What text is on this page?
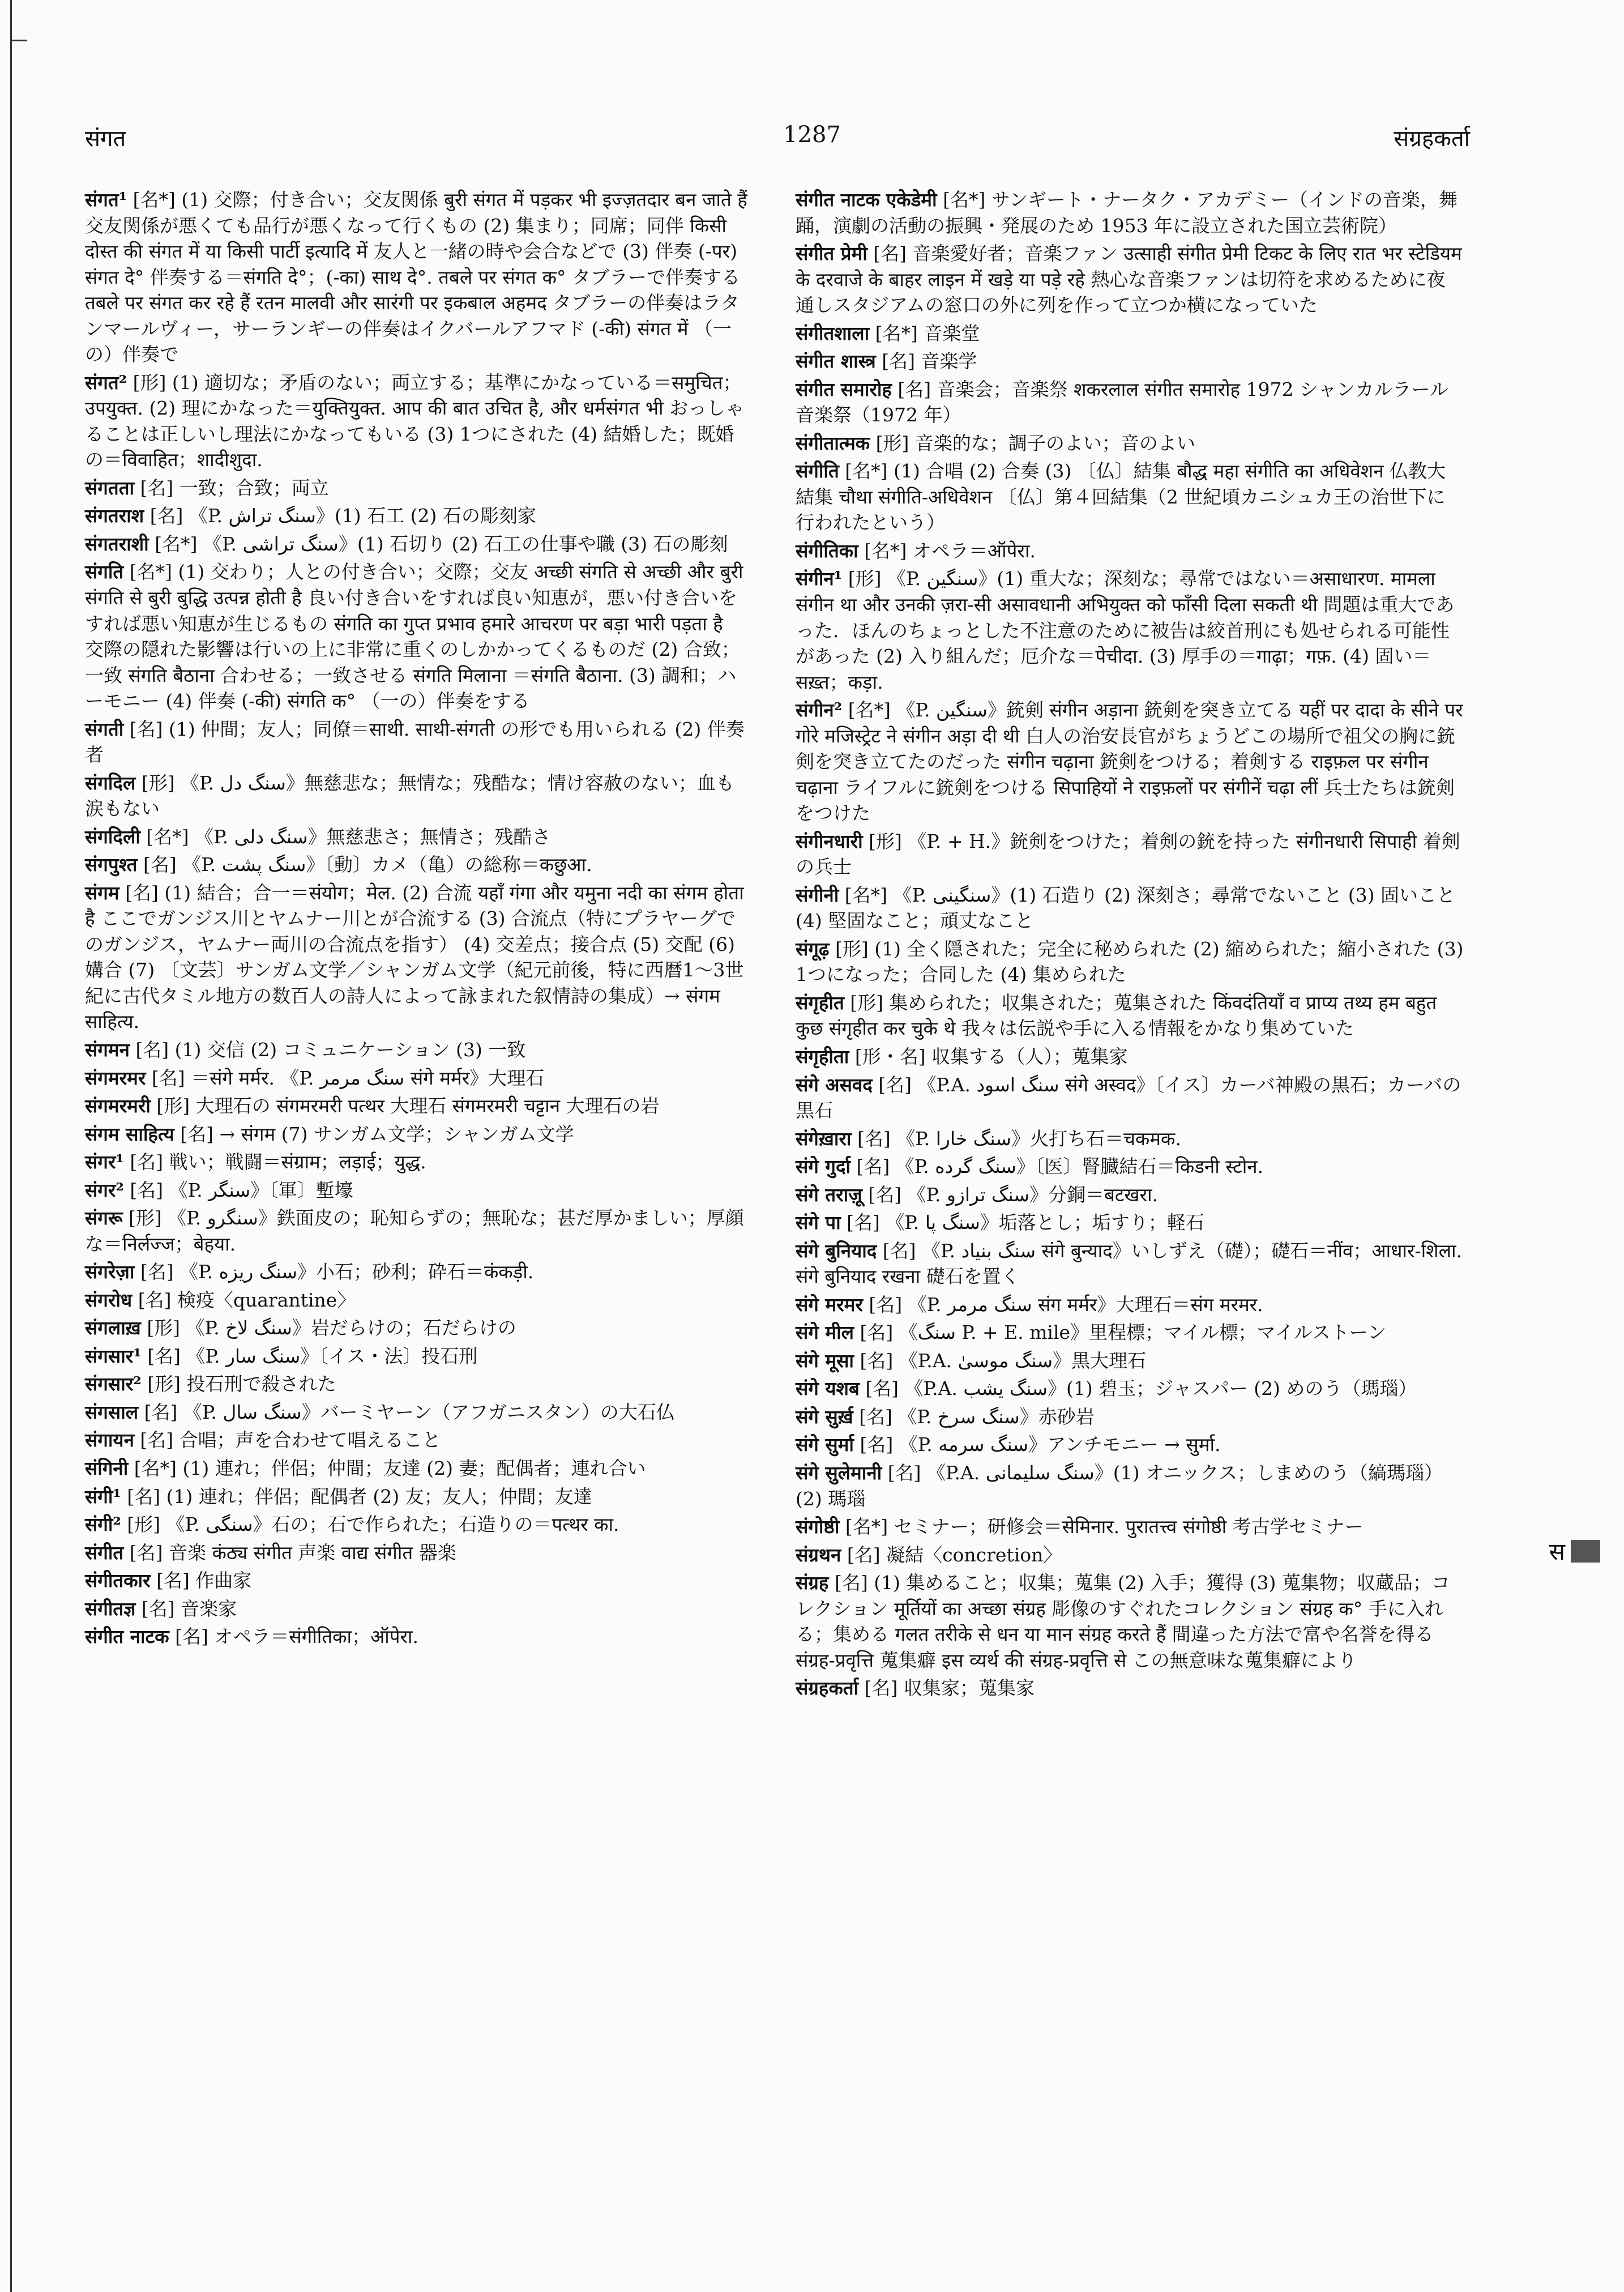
1287
संगत	संग्रहकर्ता
संगत¹ [名*] (1) 交際；付き合い；交友関係 बुरी संगत में पड़कर भी इज्ज़तदार बन जाते हैं 交友関係が悪くても品行が悪くなって行くもの (2) 集まり；同席；同伴 किसी दोस्त की संगत में या किसी पार्टी इत्यादि में 友人と一緒の時や会合などで (3) 伴奏 (-पर) संगत दे° 伴奏する＝संगति दे°；(-का) साथ दे°. तबले पर संगत क° タブラーで伴奏する तबले पर संगत कर रहे हैं रतन मालवी और सारंगी पर इकबाल अहमद タブラーの伴奏はラタンマールヴィー，サーランギーの伴奏はイクバールアフマド (-की) संगत में （一の）伴奏で
संगत² [形] (1) 適切な；矛盾のない；両立する；基準にかなっている＝समुचित；उपयुक्त. (2) 理にかなった＝युक्तियुक्त. आप की बात उचित है, और धर्मसंगत भी おっしゃることは正しいし理法にかなってもいる (3) 1つにされた (4) 結婚した；既婚の＝विवाहित；शादीशुदा.
संगतता [名] 一致；合致；両立
संगतराश [名] 《P. سنگ تراش》(1) 石工 (2) 石の彫刻家
संगतराशी [名*] 《P. سنگ تراشی》(1) 石切り (2) 石工の仕事や職 (3) 石の彫刻
संगति [名*] (1) 交わり；人との付き合い；交際；交友 अच्छी संगति से अच्छी और बुरी संगति से बुरी बुद्धि उत्पन्न होती है 良い付き合いをすれば良い知恵が，悪い付き合いをすれば悪い知恵が生じるもの संगति का गुप्त प्रभाव हमारे आचरण पर बड़ा भारी पड़ता है 交際の隠れた影響は行いの上に非常に重くのしかかってくるものだ (2) 合致；一致 संगति बैठाना 合わせる；一致させる संगति मिलाना ＝संगति बैठाना. (3) 調和；ハーモニー (4) 伴奏 (-की) संगति क° （一の）伴奏をする
संगती [名] (1) 仲間；友人；同僚＝साथी. साथी-संगती の形でも用いられる (2) 伴奏者
संगदिल [形] 《P. سنگ دل》無慈悲な；無情な；残酷な；情け容赦のない；血も涙もない
संगदिली [名*] 《P. سنگ دلی》無慈悲さ；無情さ；残酷さ
संगपुश्त [名] 《P. سنگ پشت》〔動〕カメ（亀）の総称＝कछुआ.
संगम [名] (1) 結合；合一＝संयोग；मेल. (2) 合流 यहाँ गंगा और यमुना नदी का संगम होता है ここでガンジス川とヤムナー川とが合流する (3) 合流点（特にプラヤーグでのガンジス，ヤムナー両川の合流点を指す） (4) 交差点；接合点 (5) 交配 (6) 媾合 (7) 〔文芸〕サンガム文学／シャンガム文学（紀元前後，特に西暦1～3世紀に古代タミル地方の数百人の詩人によって詠まれた叙情詩の集成）→ संगम साहित्य.
संगमन [名] (1) 交信 (2) コミュニケーション (3) 一致
संगमरमर [名] ＝संगे मर्मर. 《P. سنگ مرمر संगे मर्मर》大理石
संगमरमरी [形] 大理石の संगमरमरी पत्थर 大理石 संगमरमरी चट्टान 大理石の岩
संगम साहित्य [名] → संगम (7) サンガム文学；シャンガム文学
संगर¹ [名] 戦い；戦闘＝संग्राम；लड़ाई；युद्ध.
संगर² [名] 《P. سنگر》〔軍〕塹壕
संगरू [形] 《P. سنگرو》鉄面皮の；恥知らずの；無恥な；甚だ厚かましい；厚顔な＝निर्लज्ज；बेहया.
संगरेज़ा [名] 《P. سنگ ریزه》小石；砂利；砕石＝कंकड़ी.
संगरोध [名] 検疫〈quarantine〉
संगलाख़ [形] 《P. سنگ لاخ》岩だらけの；石だらけの
संगसार¹ [名] 《P. سنگ سار》〔イス・法〕投石刑
संगसार² [形] 投石刑で殺された
संगसाल [名] 《P. سنگ سال》バーミヤーン（アフガニスタン）の大石仏
संगायन [名] 合唱；声を合わせて唱えること
संगिनी [名*] (1) 連れ；伴侶；仲間；友達 (2) 妻；配偶者；連れ合い
संगी¹ [名] (1) 連れ；伴侶；配偶者 (2) 友；友人；仲間；友達
संगी² [形] 《P. سنگی》石の；石で作られた；石造りの＝पत्थर का.
संगीत [名] 音楽 कंठ्य संगीत 声楽 वाद्य संगीत 器楽
संगीतकार [名] 作曲家
संगीतज्ञ [名] 音楽家
संगीत नाटक [名] オペラ＝संगीतिका；ऑपेरा.
संगीत नाटक एकेडेमी [名*] サンギート・ナータク・アカデミー（インドの音楽，舞踊，演劇の活動の振興・発展のため 1953 年に設立された国立芸術院）
संगीत प्रेमी [名] 音楽愛好者；音楽ファン उत्साही संगीत प्रेमी टिकट के लिए रात भर स्टेडियम के दरवाजे के बाहर लाइन में खड़े या पड़े रहे 熱心な音楽ファンは切符を求めるために夜通しスタジアムの窓口の外に列を作って立つか横になっていた
संगीतशाला [名*] 音楽堂
संगीत शास्त्र [名] 音楽学
संगीत समारोह [名] 音楽会；音楽祭 शकरलाल संगीत समारोह 1972 シャンカルラール音楽祭（1972 年）
संगीतात्मक [形] 音楽的な；調子のよい；音のよい
संगीति [名*] (1) 合唱 (2) 合奏 (3) 〔仏〕結集 बौद्ध महा संगीति का अधिवेशन 仏教大結集 चौथा संगीति-अधिवेशन 〔仏〕第４回結集（2 世紀頃カニシュカ王の治世下に行われたという）
संगीतिका [名*] オペラ＝ऑपेरा.
संगीन¹ [形] 《P. سنگین》(1) 重大な；深刻な；尋常ではない＝असाधारण. मामला संगीन था और उनकी ज़रा-सी असावधानी अभियुक्त को फाँसी दिला सकती थी 問題は重大であった．ほんのちょっとした不注意のために被告は絞首刑にも処せられる可能性があった (2) 入り組んだ；厄介な＝पेचीदा. (3) 厚手の＝गाढ़ा；गफ़. (4) 固い＝सख़्त；कड़ा.
संगीन² [名*] 《P. سنگین》銃剣 संगीन अड़ाना 銃剣を突き立てる यहीं पर दादा के सीने पर गोरे मजिस्ट्रेट ने संगीन अड़ा दी थी 白人の治安長官がちょうどこの場所で祖父の胸に銃剣を突き立てたのだった संगीन चढ़ाना 銃剣をつける；着剣する राइफ़ल पर संगीन चढ़ाना ライフルに銃剣をつける सिपाहियों ने राइफ़लों पर संगीनें चढ़ा लीं 兵士たちは銃剣をつけた
संगीनधारी [形] 《P. + H.》銃剣をつけた；着剣の銃を持った संगीनधारी सिपाही 着剣の兵士
संगीनी [名*] 《P. سنگینی》(1) 石造り (2) 深刻さ；尋常でないこと (3) 固いこと (4) 堅固なこと；頑丈なこと
संगूढ़ [形] (1) 全く隠された；完全に秘められた (2) 縮められた；縮小された (3) 1つになった；合同した (4) 集められた
संगृहीत [形] 集められた；収集された；蒐集された किंवदंतियाँ व प्राप्य तथ्य हम बहुत कुछ संगृहीत कर चुके थे 我々は伝説や手に入る情報をかなり集めていた
संगृहीता [形・名] 収集する（人）；蒐集家
संगे असवद [名] 《P.A. سنگ اسود संगे अस्वद》〔イス〕カーバ神殿の黒石；カーバの黒石
संगेख़ारा [名] 《P. سنگ خارا》火打ち石＝चकमक.
संगे गुर्दा [名] 《P. سنگ گرده》〔医〕腎臓結石＝किडनी स्टोन.
संगे तराज़ू [名] 《P. سنگ ترازو》分銅＝बटखरा.
संगे पा [名] 《P. سنگ پا》垢落とし；垢すり；軽石
संगे बुनियाद [名] 《P. سنگ بنیاد संगे बुन्याद》いしずえ（礎）；礎石＝नींव；आधार-शिला. संगे बुनियाद रखना 礎石を置く
संगे मरमर [名] 《P. سنگ مرمر संग मर्मर》大理石＝संग मरमर.
संगे मील [名] 《سنگ P. + E. mile》里程標；マイル標；マイルストーン
संगे मूसा [名] 《P.A. سنگ موسیٰ》黒大理石
संगे यशब [名] 《P.A. سنگ یشب》(1) 碧玉；ジャスパー (2) めのう（瑪瑙）
संगे सुर्ख़ [名] 《P. سنگ سرخ》赤砂岩
संगे सुर्मा [名] 《P. سنگ سرمه》アンチモニー → सुर्मा.
संगे सुलेमानी [名] 《P.A. سنگ سلیمانی》(1) オニックス；しまめのう（縞瑪瑙） (2) 瑪瑙
संगोष्ठी [名*] セミナー；研修会＝सेमिनार. पुरातत्त्व संगोष्ठी 考古学セミナー
संग्रथन [名] 凝結〈concretion〉
संग्रह [名] (1) 集めること；収集；蒐集 (2) 入手；獲得 (3) 蒐集物；収蔵品；コレクション मूर्तियों का अच्छा संग्रह 彫像のすぐれたコレクション संग्रह क° 手に入れる；集める गलत तरीके से धन या मान संग्रह करते हैं 間違った方法で富や名誉を得る संग्रह-प्रवृत्ति 蒐集癖 इस व्यर्थ की संग्रह-प्रवृत्ति से この無意味な蒐集癖により
संग्रहकर्ता [名] 収集家；蒐集家
स
